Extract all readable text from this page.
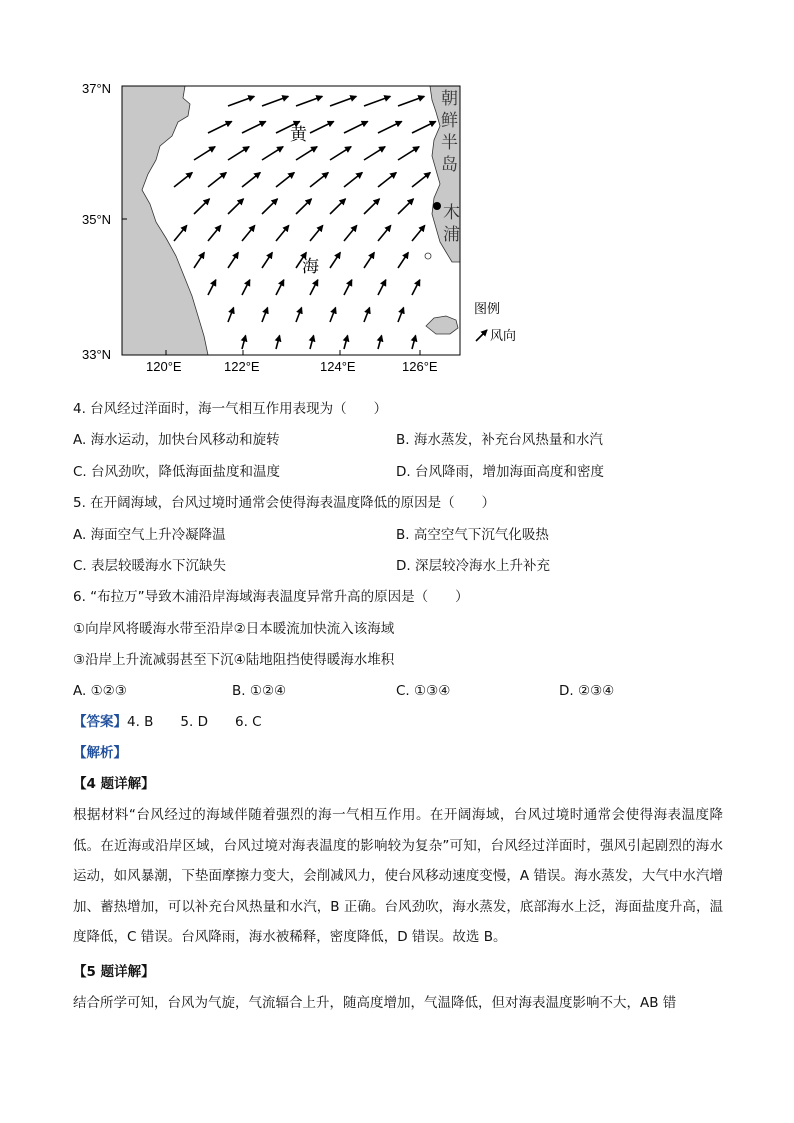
37°N
35°N
33°N
120°E	122°E	124°E	126°E
黄
海
朝
鲜
半
岛
木
浦
图例
风向
4. 台风经过洋面时，海一气相互作用表现为（　　）
A. 海水运动，加快台风移动和旋转	B. 海水蒸发，补充台风热量和水汽
C. 台风劲吹，降低海面盐度和温度	D. 台风降雨，增加海面高度和密度
5. 在开阔海域，台风过境时通常会使得海表温度降低的原因是（　　）
A. 海面空气上升冷凝降温	B. 高空空气下沉气化吸热
C. 表层较暖海水下沉缺失	D. 深层较冷海水上升补充
6. “布拉万”导致木浦沿岸海域海表温度异常升高的原因是（　　）
①向岸风将暖海水带至沿岸②日本暖流加快流入该海域
③沿岸上升流减弱甚至下沉④陆地阻挡使得暖海水堆积
A. ①②③	B. ①②④	C. ①③④	D. ②③④
【答案】4. B　　5. D　　6. C
【解析】
【4 题详解】
根据材料“台风经过的海域伴随着强烈的海一气相互作用。在开阔海域，台风过境时通常会使得海表温度降低。在近海或沿岸区域，台风过境对海表温度的影响较为复杂”可知，台风经过洋面时，强风引起剧烈的海水运动，如风暴潮，下垫面摩擦力变大，会削减风力，使台风移动速度变慢，A 错误。海水蒸发，大气中水汽增加、蓄热增加，可以补充台风热量和水汽，B 正确。台风劲吹，海水蒸发，底部海水上泛，海面盐度升高，温度降低，C 错误。台风降雨，海水被稀释，密度降低，D 错误。故选 B。
【5 题详解】
结合所学可知，台风为气旋，气流辐合上升，随高度增加，气温降低，但对海表温度影响不大，AB 错
